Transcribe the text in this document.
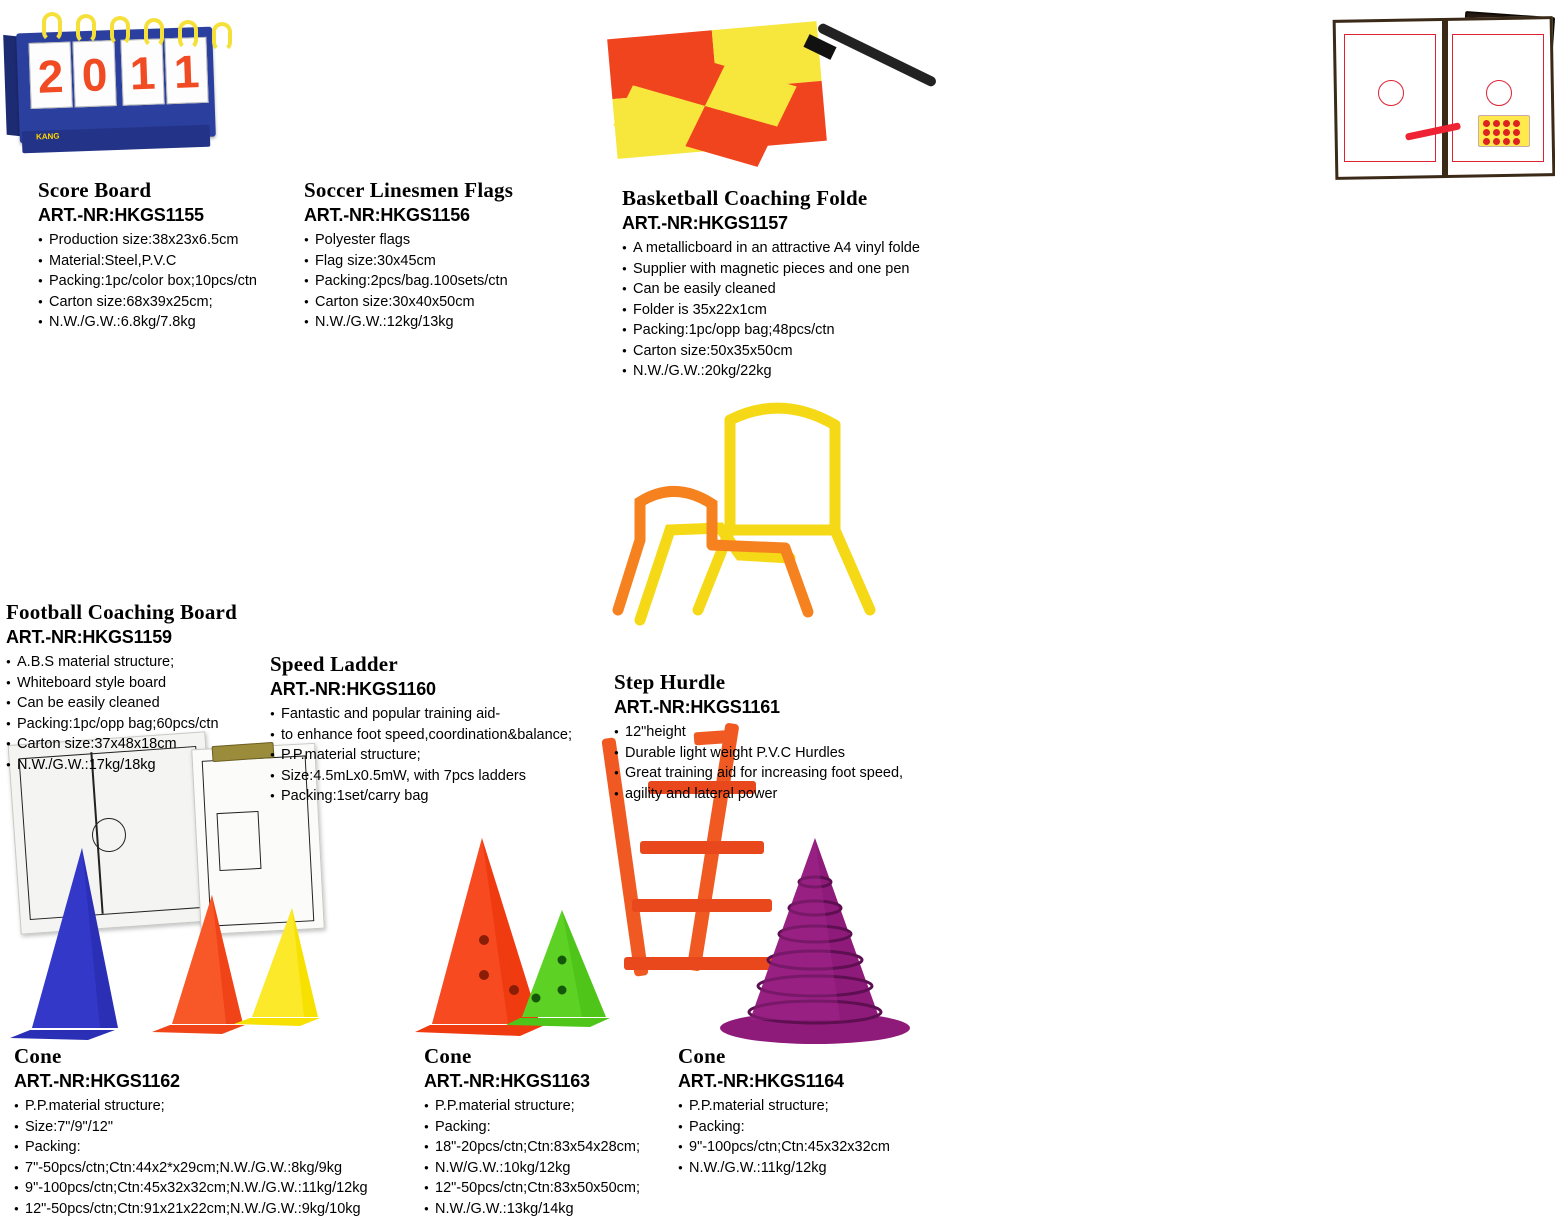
2 0 1 1
KANG
Score Board
ART.-NR:HKGS1155
● Production size:38x23x6.5cm
● Material:Steel,P.V.C
● Packing:1pc/color box;10pcs/ctn
● Carton size:68x39x25cm;
● N.W./G.W.:6.8kg/7.8kg
Soccer Linesmen Flags
ART.-NR:HKGS1156
● Polyester flags
● Flag size:30x45cm
● Packing:2pcs/bag.100sets/ctn
● Carton size:30x40x50cm
● N.W./G.W.:12kg/13kg
Basketball Coaching Folde
ART.-NR:HKGS1157
● A metallicboard in an attractive A4 vinyl folde
● Supplier with magnetic pieces and one pen
● Can be easily cleaned
● Folder is 35x22x1cm
● Packing:1pc/opp bag;48pcs/ctn
● Carton size:50x35x50cm
● N.W./G.W.:20kg/22kg
Football Coaching Board
ART.-NR:HKGS1159
● A.B.S material structure;
● Whiteboard style board
● Can be easily cleaned
● Packing:1pc/opp bag;60pcs/ctn
● Carton size:37x48x18cm
● N.W./G.W.:17kg/18kg
Speed Ladder
ART.-NR:HKGS1160
● Fantastic and popular training aid-
● to enhance foot speed,coordination&balance;
● P.P.material structure;
● Size:4.5mLx0.5mW, with 7pcs ladders
● Packing:1set/carry bag
Step Hurdle
ART.-NR:HKGS1161
● 12"height
● Durable light weight P.V.C Hurdles
● Great training aid for increasing foot speed,
● agility and lateral power
Cone
ART.-NR:HKGS1162
● P.P.material structure;
● Size:7"/9"/12"
● Packing:
● 7"-50pcs/ctn;Ctn:44x2*x29cm;N.W./G.W.:8kg/9kg
● 9"-100pcs/ctn;Ctn:45x32x32cm;N.W./G.W.:11kg/12kg
● 12"-50pcs/ctn;Ctn:91x21x22cm;N.W./G.W.:9kg/10kg
Cone
ART.-NR:HKGS1163
● P.P.material structure;
● Packing:
● 18"-20pcs/ctn;Ctn:83x54x28cm;
● N.W/G.W.:10kg/12kg
● 12"-50pcs/ctn;Ctn:83x50x50cm;
● N.W./G.W.:13kg/14kg
Cone
ART.-NR:HKGS1164
● P.P.material structure;
● Packing:
● 9"-100pcs/ctn;Ctn:45x32x32cm
● N.W./G.W.:11kg/12kg
